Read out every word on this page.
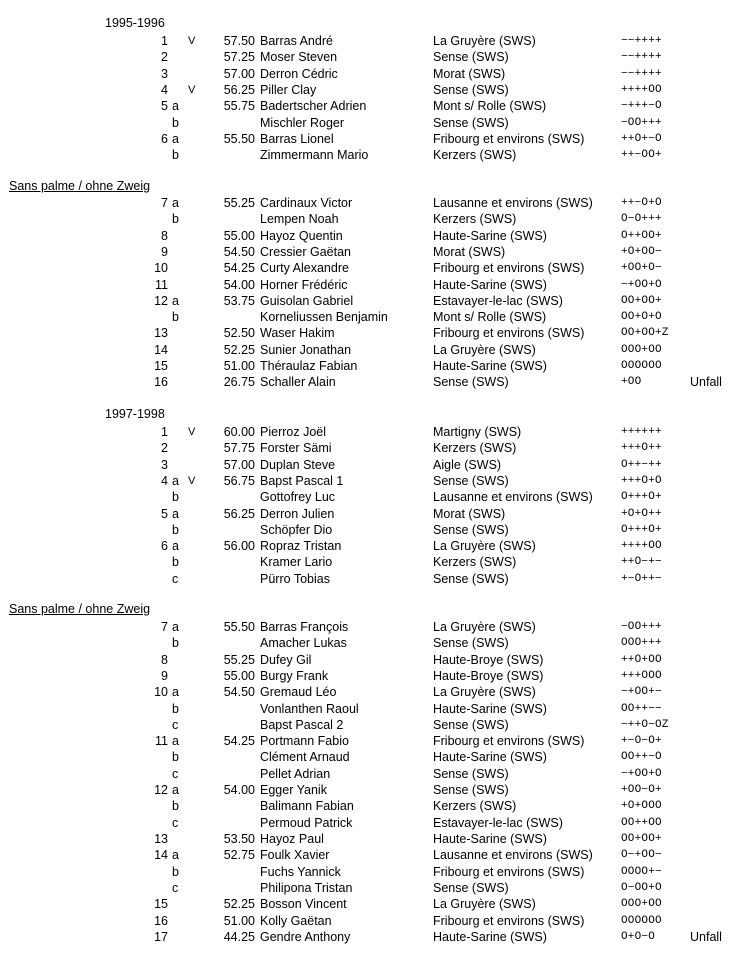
1995-1996
1 V 57.50 Barras André	La Gruyère (SWS)	−−++++
2	57.25 Moser Steven	Sense (SWS)	−−++++
3	57.00 Derron Cédric	Morat (SWS)	−−++++
4 V 56.25 Piller Clay	Sense (SWS)	++++OO
5 a	55.75 Badertscher Adrien	Mont s/ Rolle (SWS)	−+++−O
b	Mischler Roger	Sense (SWS)	−OO+++
6 a	55.50 Barras Lionel	Fribourg et environs (SWS)	++O+−O
b	Zimmermann Mario	Kerzers (SWS)	++−OO+
Sans palme / ohne Zweig
7 a	55.25 Cardinaux Victor	Lausanne et environs (SWS)	++−O+O
b	Lempen Noah	Kerzers (SWS)	O−O+++
8	55.00 Hayoz Quentin	Haute-Sarine (SWS)	O++OO+
9	54.50 Cressier Gaëtan	Morat (SWS)	+O+OO−
10	54.25 Curty Alexandre	Fribourg et environs (SWS)	+OO+O−
11	54.00 Horner Frédéric	Haute-Sarine (SWS)	−+OO+O
12 a	53.75 Guisolan Gabriel	Estavayer-le-lac (SWS)	OO+OO+
b	Korneliussen Benjamin	Mont s/ Rolle (SWS)	OO+O+O
13	52.50 Waser Hakim	Fribourg et environs (SWS)	OO+OO+Z
14	52.25 Sunier Jonathan	La Gruyère (SWS)	OOO+OO
15	51.00 Théraulaz Fabian	Haute-Sarine (SWS)	OOOOOO
16	26.75 Schaller Alain	Sense (SWS)	+OO	Unfall
1997-1998
1 V 60.00 Pierroz Joël	Martigny (SWS)	++++++
2	57.75 Forster Sämi	Kerzers (SWS)	+++O++
3	57.00 Duplan Steve	Aigle (SWS)	O++−++
4 a V 56.75 Bapst Pascal 1	Sense (SWS)	+++O+O
b	Gottofrey Luc	Lausanne et environs (SWS)	O+++O+
5 a	56.25 Derron Julien	Morat (SWS)	+O+O++
b	Schöpfer Dio	Sense (SWS)	O+++O+
6 a	56.00 Ropraz Tristan	La Gruyère (SWS)	++++OO
b	Kramer Lario	Kerzers (SWS)	++O−+−
c	Pürro Tobias	Sense (SWS)	+−O++−
Sans palme / ohne Zweig
7 a	55.50 Barras François	La Gruyère (SWS)	−OO+++
b	Amacher Lukas	Sense (SWS)	OOO+++
8	55.25 Dufey Gil	Haute-Broye (SWS)	++O+OO
9	55.00 Burgy Frank	Haute-Broye (SWS)	+++OOO
10 a	54.50 Gremaud Léo	La Gruyère (SWS)	−+OO+−
b	Vonlanthen Raoul	Haute-Sarine (SWS)	OO++−−
c	Bapst Pascal 2	Sense (SWS)	−++O−OZ
11 a	54.25 Portmann Fabio	Fribourg et environs (SWS)	+−O−O+
b	Clément Arnaud	Haute-Sarine (SWS)	OO++−O
c	Pellet Adrian	Sense (SWS)	−+OO+O
12 a	54.00 Egger Yanik	Sense (SWS)	+OO−O+
b	Balimann Fabian	Kerzers (SWS)	+O+OOO
c	Permoud Patrick	Estavayer-le-lac (SWS)	OO++OO
13	53.50 Hayoz Paul	Haute-Sarine (SWS)	OO+OO+
14 a	52.75 Foulk Xavier	Lausanne et environs (SWS)	O−+OO−
b	Fuchs Yannick	Fribourg et environs (SWS)	OOOO+−
c	Philipona Tristan	Sense (SWS)	O−OO+O
15	52.25 Bosson Vincent	La Gruyère (SWS)	OOO+OO
16	51.00 Kolly Gaëtan	Fribourg et environs (SWS)	OOOOOO
17	44.25 Gendre Anthony	Haute-Sarine (SWS)	O+O−O	Unfall
